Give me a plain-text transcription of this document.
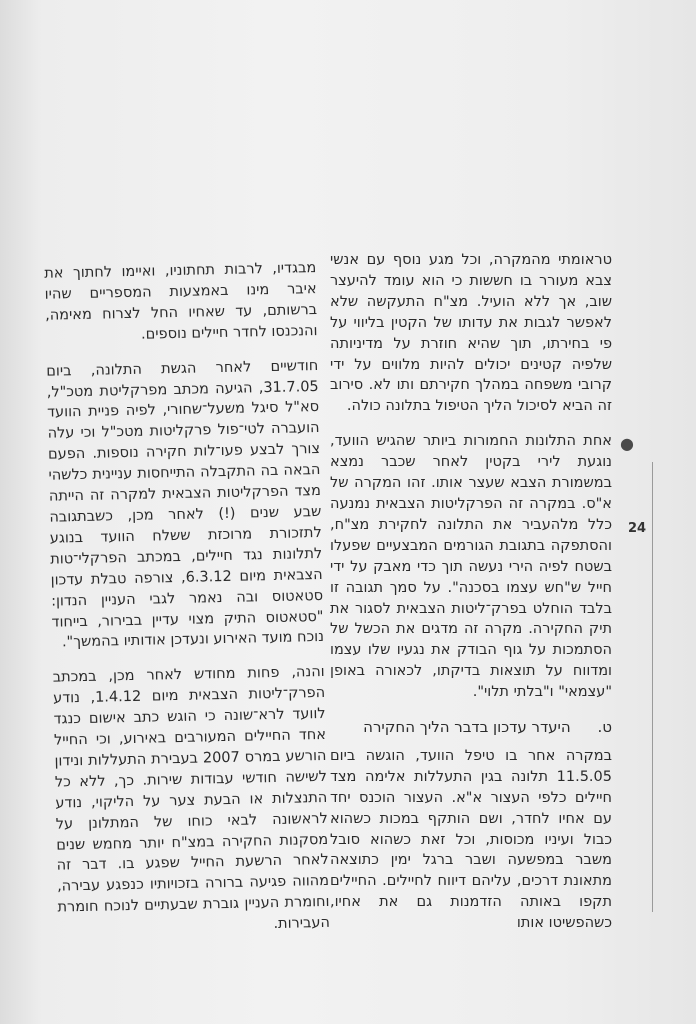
טראומתי מהמקרה, וכל מגע נוסף עם אנשי צבא מעורר בו חששות כי הוא עומד להיעצר שוב, אך ללא הועיל. מצ"ח התעקשה שלא לאפשר לגבות את עדותו של הקטין בליווי על פי בחירתו, תוך שהיא חוזרת על מדיניותה שלפיה קטינים יכולים להיות מלווים על ידי קרובי משפחה במהלך חקירתם ותו לא. סירוב זה הביא לסיכול הליך הטיפול בתלונה כולה.

●

אחת התלונות החמורות ביותר שהגיש הוועד, נוגעת לירי בקטין לאחר שכבר נמצא במשמורת הצבא שעצר אותו. זהו המקרה של א"ס. במקרה זה הפרקליטות הצבאית נמנעה כלל מלהעביר את התלונה לחקירת מצ"ח, והסתפקה בתגובת הגורמים המבצעיים שפעלו בשטח לפיה הירי נעשה תוך כדי מאבק על ידי חייל ש"חש עצמו בסכנה". על סמך תגובה זו בלבד הוחלט בפרק־ליטות הצבאית לסגור את תיק החקירה. מקרה זה מדגים את הכשל של הסתמכות על גוף הבודק את נגעיו שלו עצמו ומדווח על תוצאות בדיקתו, לכאורה באופן "עצמאי" ו"בלתי תלוי".

ט. היעדר עדכון בדבר הליך החקירה

במקרה אחר בו טיפל הוועד, הוגשה ביום 11.5.05 תלונה בגין התעללות אלימה מצד חיילים כלפי העצור א"א. העצור הוכנס יחד עם אחיו לחדר, ושם הותקף במכות כשהוא כבול ועיניו מכוסות, וכל זאת כשהוא סובל משבר במפשעה ושבר ברגל ימין כתוצאה מתאונת דרכים, עליהם דיווח לחיילים. החיילים תקפו באותה הזדמנות גם את אחיו, כשהפשיטו אותו

מבגדיו, לרבות תחתוניו, ואיימו לחתוך את איבר מינו באמצעות המספריים שהיו ברשותם, עד שאחיו החל לצרוח מאימה, והנכנסו לחדר חיילים נוספים.

חודשיים לאחר הגשת התלונה, ביום 31.7.05, הגיעה מכתב מפרקליטת מטכ"ל, סא"ל סיגל משעל־שחורי, לפיה פניית הוועד הועברה לטי־פול פרקליטות מטכ"ל וכי עלה צורך לבצע פעו־לות חקירה נוספות. הפעם הבאה בה התקבלה התייחסות עניינית כלשהי מצד הפרקליטות הצבאית למקרה זה הייתה שבע שנים (!) לאחר מכן, כשבתגובה לתזכורת מרוכזת ששלח הוועד בנוגע לתלונות נגד חיילים, במכתב הפרקלי־טות הצבאית מיום 6.3.12, צורפה טבלת עדכון סטאטוס ובה נאמר לגבי העניין הנדון: "סטאטוס התיק מצוי עדיין בבירור, בייחוד נוכח מועד האירוע ונעדכן אודותיו בהמשך".

והנה, פחות מחודש לאחר מכן, במכתב הפרק־ליטות הצבאית מיום 1.4.12, נודע לוועד לרא־שונה כי הוגש כתב אישום כנגד אחד החיילים המעורבים באירוע, וכי החייל הורשע במרס 2007 בעבירת התעללות ונידון לשישה חודשי עבודות שירות. כך, ללא כל התנצלות או הבעת צער על הליקוי, נודע לראשונה לבאי כוחו של המתלונן על מסקנות החקירה במצ"ח יותר מחמש שנים לאחר הרשעת החייל שפגע בו. דבר זה מהווה פגיעה ברורה בזכויותיו כנפגע עבירה, וחומרת העניין גוברת שבעתיים לנוכח חומרת העבירות.

24
